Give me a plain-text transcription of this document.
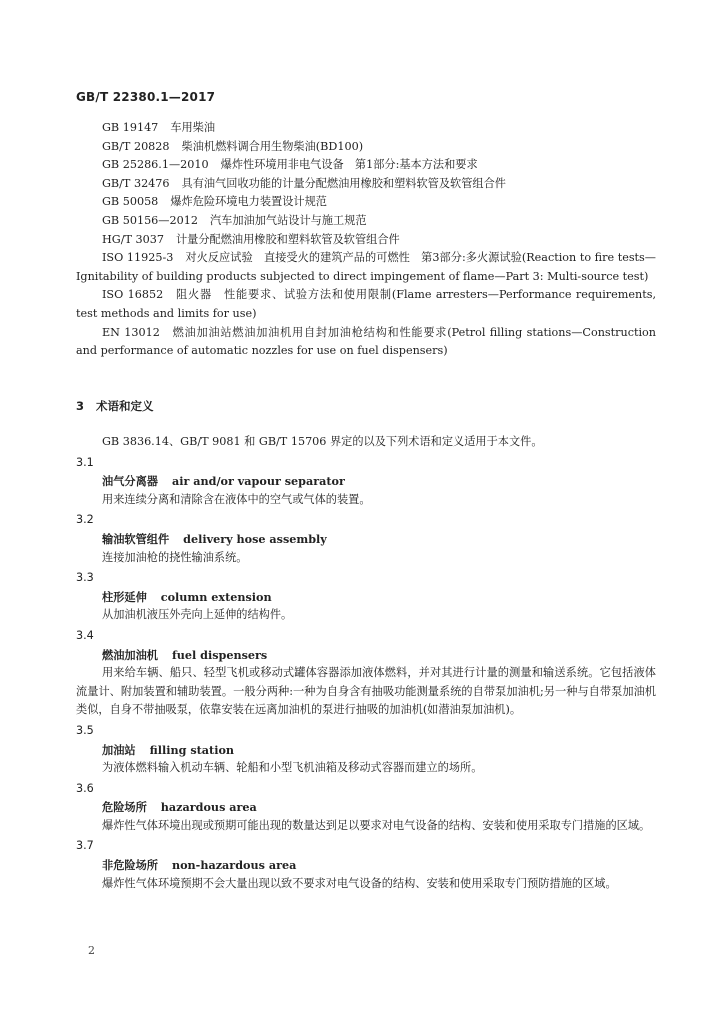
GB/T 22380.1—2017

GB 19147 车用柴油

GB/T 20828 柴油机燃料调合用生物柴油(BD100)

GB 25286.1—2010 爆炸性环境用非电气设备　第1部分:基本方法和要求

GB/T 32476 具有油气回收功能的计量分配燃油用橡胶和塑料软管及软管组合件

GB 50058 爆炸危险环境电力装置设计规范

GB 50156—2012 汽车加油加气站设计与施工规范

HG/T 3037 计量分配燃油用橡胶和塑料软管及软管组合件

ISO 11925-3 对火反应试验　直接受火的建筑产品的可燃性　第3部分:多火源试验(Reaction to fire tests—Ignitability of building products subjected to direct impingement of flame—Part 3: Multi-source test)

ISO 16852 阻火器　性能要求、试验方法和使用限制(Flame arresters—Performance requirements, test methods and limits for use)

EN 13012 燃油加油站燃油加油机用自封加油枪结构和性能要求(Petrol filling stations—Construction and performance of automatic nozzles for use on fuel dispensers)

3 术语和定义

GB 3836.14、GB/T 9081 和 GB/T 15706 界定的以及下列术语和定义适用于本文件。

3.1

油气分离器 air and/or vapour separator

用来连续分离和清除含在液体中的空气或气体的装置。

3.2

输油软管组件 delivery hose assembly

连接加油枪的挠性输油系统。

3.3

柱形延伸 column extension

从加油机液压外壳向上延伸的结构件。

3.4

燃油加油机 fuel dispensers

用来给车辆、船只、轻型飞机或移动式罐体容器添加液体燃料，并对其进行计量的测量和输送系统。它包括液体流量计、附加装置和辅助装置。一般分两种:一种为自身含有抽吸功能测量系统的自带泵加油机;另一种与自带泵加油机类似，自身不带抽吸泵，依靠安装在远离加油机的泵进行抽吸的加油机(如潜油泵加油机)。

3.5

加油站 filling station

为液体燃料输入机动车辆、轮船和小型飞机油箱及移动式容器而建立的场所。

3.6

危险场所 hazardous area

爆炸性气体环境出现或预期可能出现的数量达到足以要求对电气设备的结构、安装和使用采取专门措施的区域。

3.7

非危险场所 non-hazardous area

爆炸性气体环境预期不会大量出现以致不要求对电气设备的结构、安装和使用采取专门预防措施的区域。

2
